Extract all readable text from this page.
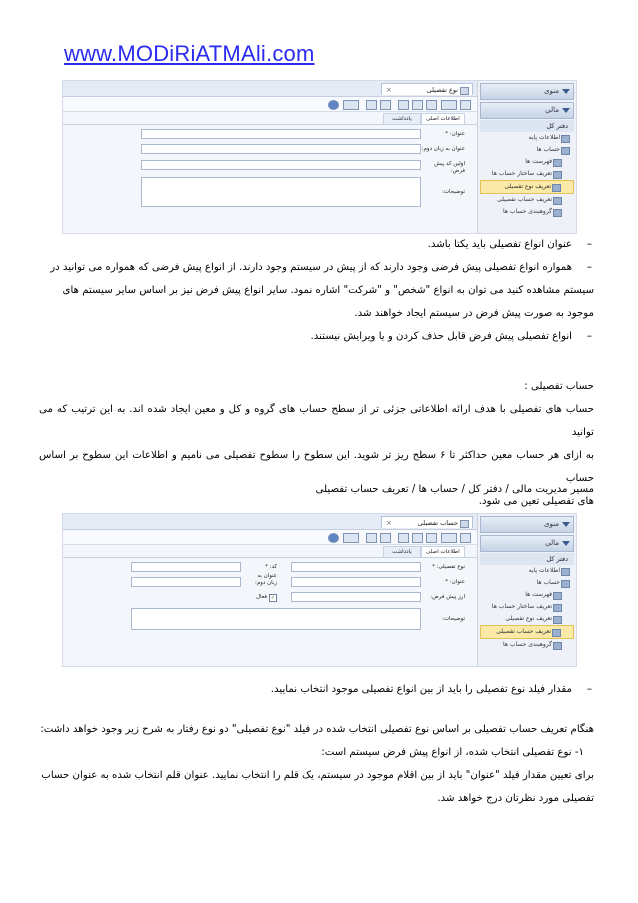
www.MODiRiATMAli.com
منوی
مالی
دفتر کل
اطلاعات پایه
حساب ها
فهرست ها
تعریف ساختار حساب ها
تعریف نوع تفصیلی
تعریف حساب تفصیلی
گروهبندی حساب ها
نوع تفصیلی
×
اطلاعات اصلی
یادداشت
عنوان: *
عنوان به زبان دوم:
اولین کد پیش فرض:
توضیحات:
– عنوان انواع تفصیلی باید یکتا باشد.
– همواره انواع تفصیلی پیش فرضی وجود دارند که از پیش در سیستم وجود دارند. از انواع پیش فرضی که همواره می توانید در
سیستم مشاهده کنید می توان به انواع "شخص" و "شرکت" اشاره نمود. سایر انواع پیش فرض نیز بر اساس سایر سیستم های
موجود به صورت پیش فرض در سیستم ایجاد خواهند شد.
– انواع تفصیلی پیش فرض قابل حذف کردن و یا ویرایش نیستند.
حساب تفصیلی :
حساب های تفصیلی با هدف ارائه اطلاعاتی جزئی تر از سطح حساب های گروه و کل و معین ایجاد شده اند. به این ترتیب که می توانید
به ازای هر حساب معین حداکثر تا ۶ سطح ریز تر شوید. این سطوح را سطوح تفصیلی می نامیم و اطلاعات این سطوح بر اساس حساب
های تفصیلی تعین می شود.
مسیر مدیریت مالی / دفتر کل / حساب ها / تعریف حساب تفصیلی
منوی
مالی
دفتر کل
اطلاعات پایه
حساب ها
فهرست ها
تعریف ساختار حساب ها
تعریف نوع تفصیلی
تعریف حساب تفصیلی
گروهبندی حساب ها
حساب تفصیلی
×
اطلاعات اصلی
یادداشت
نوع تفصیلی: *
کد: *
عنوان: *
عنوان به زبان دوم:
ارز پیش فرض:
✓
فعال
توضیحات:
– مقدار فیلد نوع تفصیلی را باید از بین انواع تفصیلی موجود انتخاب نمایید.
هنگام تعریف حساب تفصیلی بر اساس نوع تفصیلی انتخاب شده در فیلد "نوع تفصیلی" دو نوع رفتار به شرح زیر وجود خواهد داشت:
۱- نوع تفصیلی انتخاب شده، از انواع پیش فرض سیستم است:
برای تعیین مقدار فیلد "عنوان" باید از بین اقلام موجود در سیستم، یک قلم را انتخاب نمایید. عنوان قلم انتخاب شده به عنوان حساب
تفصیلی مورد نظرتان درج خواهد شد.
